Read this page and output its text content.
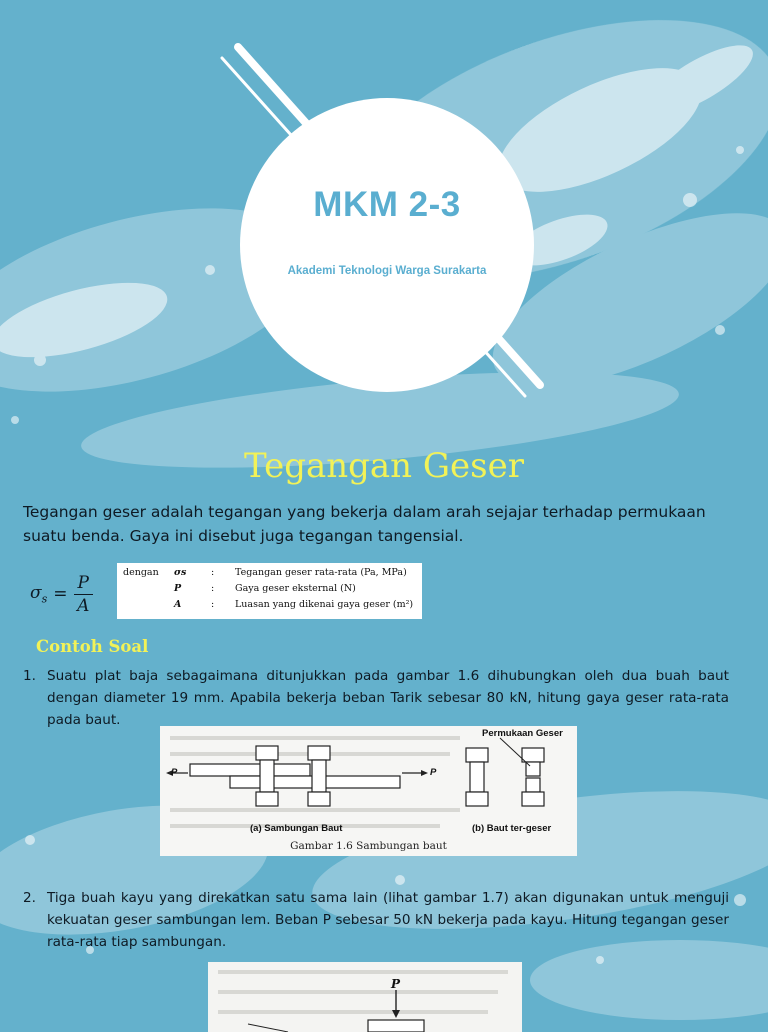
MKM 2-3
Akademi Teknologi Warga Surakarta
Tegangan Geser
Tegangan geser adalah tegangan yang bekerja dalam arah sejajar terhadap permukaan suatu benda. Gaya ini disebut juga tegangan tangensial.
$\sigma_s = \frac{P}{A}$	dengan σs	: Tegangan geser rata-rata (Pa, MPa)
P	: Gaya geser eksternal (N)
A	: Luasan yang dikenai gaya geser (m²)
Contoh Soal
1. Suatu plat baja sebagaimana ditunjukkan pada gambar 1.6 dihubungkan oleh dua buah baut dengan diameter 19 mm. Apabila bekerja beban Tarik sebesar 80 kN, hitung gaya geser rata-rata pada baut.
P	P
Permukaan Geser
(a) Sambungan Baut	(b) Baut ter-geser
Gambar 1.6 Sambungan baut
2. Tiga buah kayu yang direkatkan satu sama lain (lihat gambar 1.7) akan digunakan untuk menguji kekuatan geser sambungan lem. Beban P sebesar 50 kN bekerja pada kayu. Hitung tegangan geser rata-rata tiap sambungan.
P
